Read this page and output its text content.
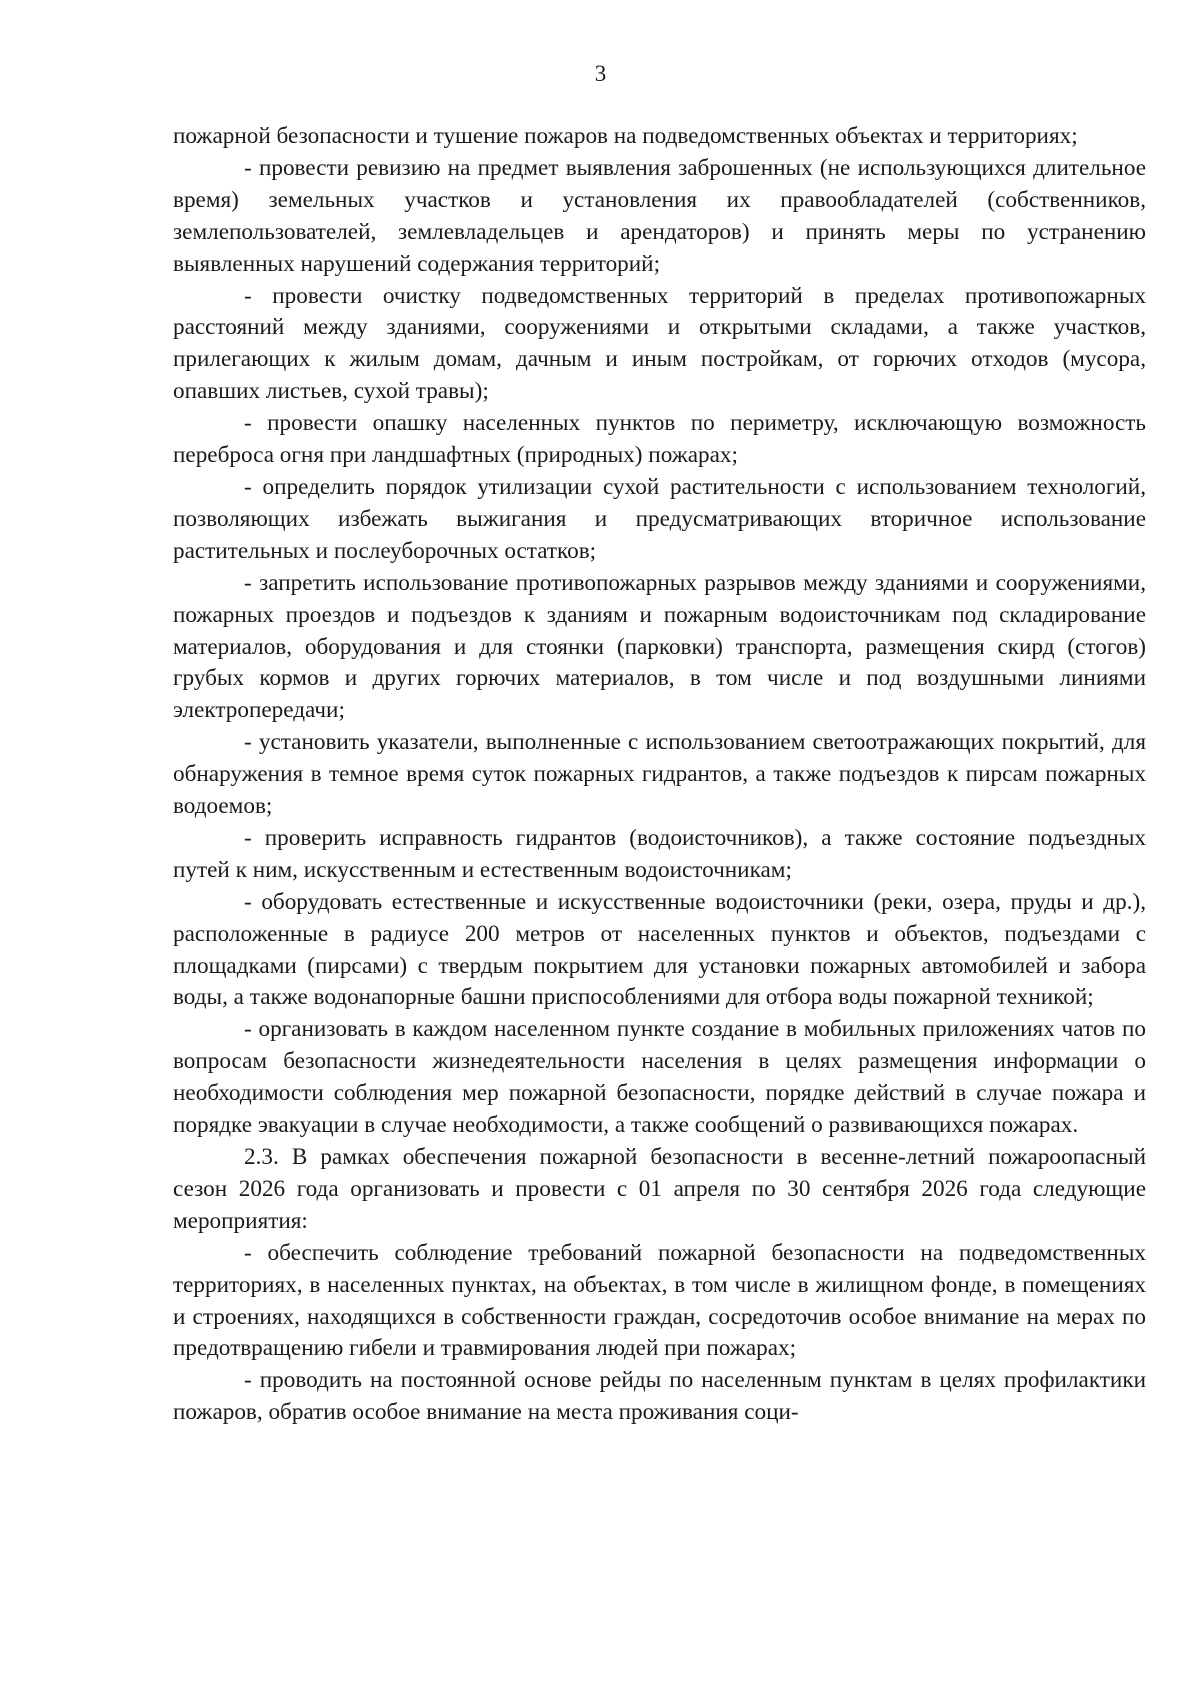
3

пожарной безопасности и тушение пожаров на подведомственных объектах и территориях;

- провести ревизию на предмет выявления заброшенных (не использующихся длительное время) земельных участков и установления их правообладателей (собственников, землепользователей, землевладельцев и арендаторов) и принять меры по устранению выявленных нарушений содержания территорий;

- провести очистку подведомственных территорий в пределах противопожарных расстояний между зданиями, сооружениями и открытыми складами, а также участков, прилегающих к жилым домам, дачным и иным постройкам, от горючих отходов (мусора, опавших листьев, сухой травы);

- провести опашку населенных пунктов по периметру, исключающую возможность переброса огня при ландшафтных (природных) пожарах;

- определить порядок утилизации сухой растительности с использованием технологий, позволяющих избежать выжигания и предусматривающих вторичное использование растительных и послеуборочных остатков;

- запретить использование противопожарных разрывов между зданиями и сооружениями, пожарных проездов и подъездов к зданиям и пожарным водоисточникам под складирование материалов, оборудования и для стоянки (парковки) транспорта, размещения скирд (стогов) грубых кормов и других горючих материалов, в том числе и под воздушными линиями электропередачи;

- установить указатели, выполненные с использованием светоотражающих покрытий, для обнаружения в темное время суток пожарных гидрантов, а также подъездов к пирсам пожарных водоемов;

- проверить исправность гидрантов (водоисточников), а также состояние подъездных путей к ним, искусственным и естественным водоисточникам;

- оборудовать естественные и искусственные водоисточники (реки, озера, пруды и др.), расположенные в радиусе 200 метров от населенных пунктов и объектов, подъездами с площадками (пирсами) с твердым покрытием для установки пожарных автомобилей и забора воды, а также водонапорные башни приспособлениями для отбора воды пожарной техникой;

- организовать в каждом населенном пункте создание в мобильных приложениях чатов по вопросам безопасности жизнедеятельности населения в целях размещения информации о необходимости соблюдения мер пожарной безопасности, порядке действий в случае пожара и порядке эвакуации в случае необходимости, а также сообщений о развивающихся пожарах.

2.3. В рамках обеспечения пожарной безопасности в весенне-летний пожароопасный сезон 2026 года организовать и провести с 01 апреля по 30 сентября 2026 года следующие мероприятия:

- обеспечить соблюдение требований пожарной безопасности на подведомственных территориях, в населенных пунктах, на объектах, в том числе в жилищном фонде, в помещениях и строениях, находящихся в собственности граждан, сосредоточив особое внимание на мерах по предотвращению гибели и травмирования людей при пожарах;

- проводить на постоянной основе рейды по населенным пунктам в целях профилактики пожаров, обратив особое внимание на места проживания соци-
